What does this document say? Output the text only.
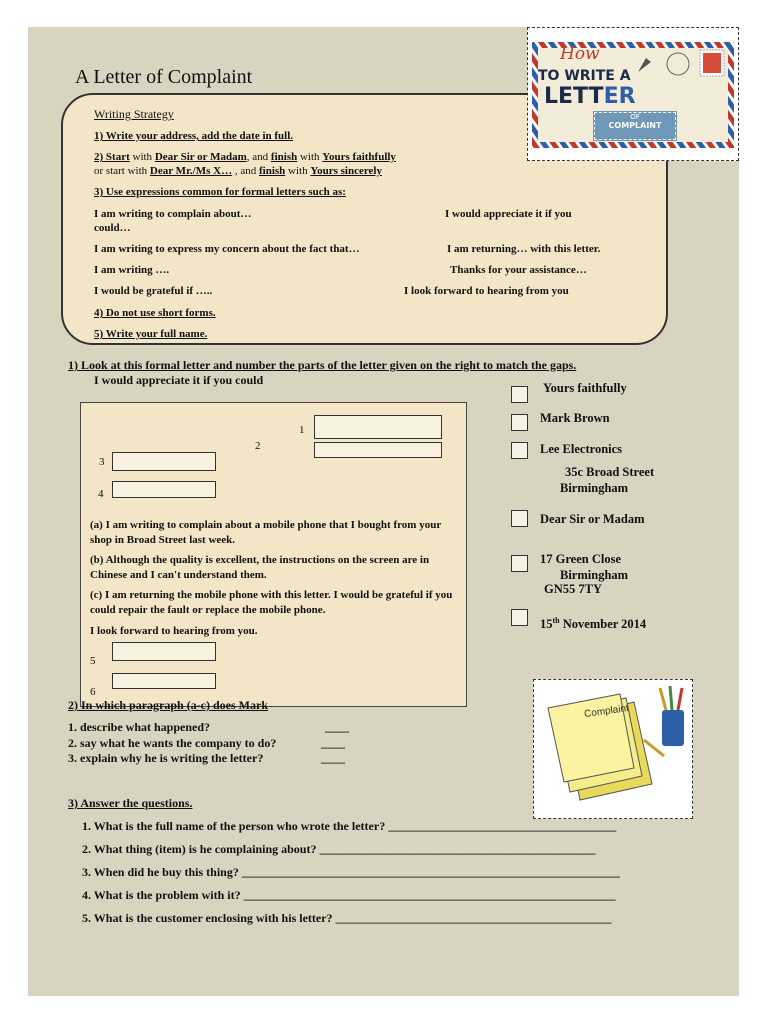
A Letter of Complaint
Writing Strategy
1) Write your address, add the date in full.
2) Start with Dear Sir or Madam, and finish with Yours faithfully
or start with Dear Mr./Ms X… , and finish with Yours sincerely
3) Use expressions common for formal letters such as:
I am writing to complain about…	I would appreciate it if you
could…
I am writing to express my concern about the fact that…	I am returning… with this letter.
I am writing ….	Thanks for your assistance…
I would be grateful if …..	I look forward to hearing from you
4) Do not use short forms.
5) Write your full name.
How
TO WRITE A
LETTER
OF
COMPLAINT
1) Look at this formal letter and number the parts of the letter given on the right to match the gaps.
I would appreciate it if you could
1
2
3
4
(a) I am writing to complain about a mobile phone that I bought from your shop in Broad Street last week.
(b) Although the quality is excellent, the instructions on the screen are in Chinese and I can't understand them.
(c) I am returning the mobile phone with this letter. I would be grateful if you could repair the fault or replace the mobile phone.
I look forward to hearing from you.
5
6
Yours faithfully
Mark Brown
Lee Electronics
35c Broad Street
Birmingham
Dear Sir or Madam
17 Green Close
Birmingham
GN55 7TY
15th November 2014
2) In which paragraph (a-c) does Mark
1. describe what happened?	____
2. say what he wants the company to do?	____
3. explain why he is writing the letter?	____
Complaint
3) Answer the questions.
1. What is the full name of the person who wrote the letter? ______________________________________
2. What thing (item) is he complaining about? ______________________________________________
3. When did he buy this thing? _______________________________________________________________
4. What is the problem with it? ______________________________________________________________
5. What is the customer enclosing with his letter? ______________________________________________
